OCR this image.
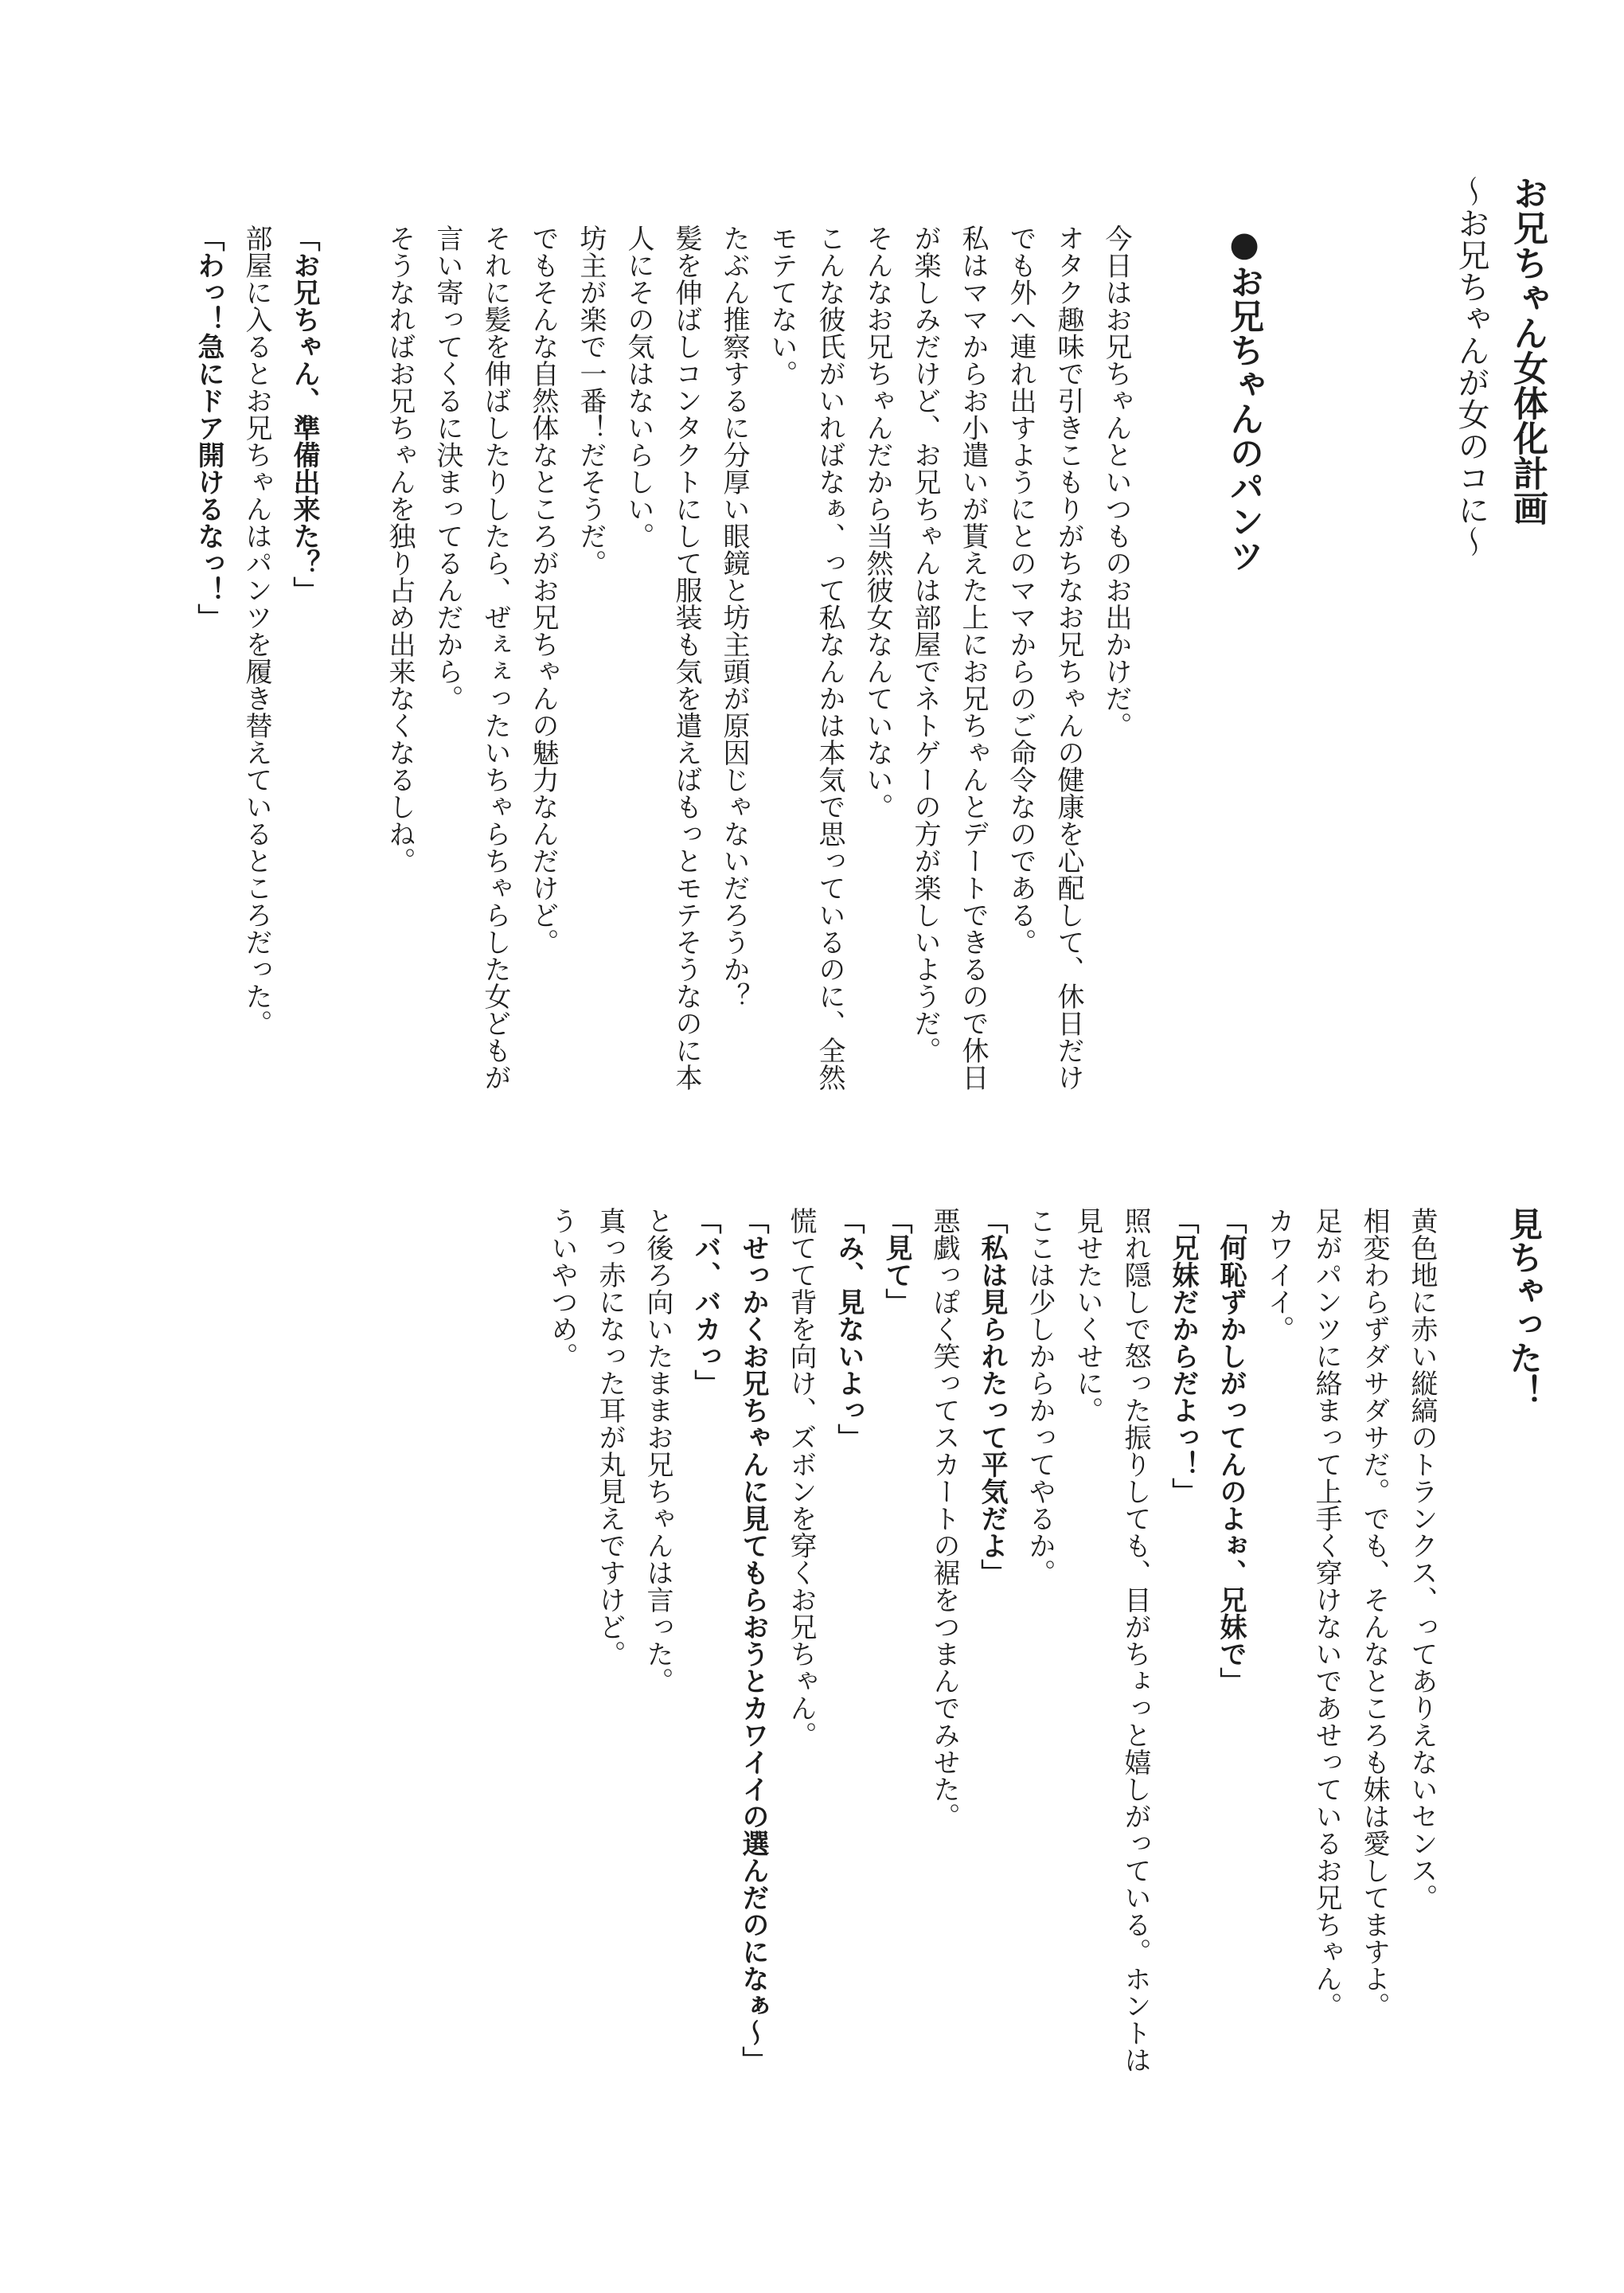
お兄ちゃん女体化計画
〜お兄ちゃんが女のコに〜
●お兄ちゃんのパンツ
今日はお兄ちゃんといつものお出かけだ。
オタク趣味で引きこもりがちなお兄ちゃんの健康を心配して、休日だけ
でも外へ連れ出すようにとのママからのご命令なのである。
私はママからお小遣いが貰えた上にお兄ちゃんとデートできるので休日
が楽しみだけど、お兄ちゃんは部屋でネトゲーの方が楽しいようだ。
そんなお兄ちゃんだから当然彼女なんていない。
こんな彼氏がいればなぁ、って私なんかは本気で思っているのに、全然
モテてない。
たぶん推察するに分厚い眼鏡と坊主頭が原因じゃないだろうか？
髪を伸ばしコンタクトにして服装も気を遣えばもっとモテそうなのに本
人にその気はないらしい。
坊主が楽で一番！だそうだ。
でもそんな自然体なところがお兄ちゃんの魅力なんだけど。
それに髪を伸ばしたりしたら、ぜぇぇったいちゃらちゃらした女どもが
言い寄ってくるに決まってるんだから。
そうなればお兄ちゃんを独り占め出来なくなるしね。
「お兄ちゃん、準備出来た？」
部屋に入るとお兄ちゃんはパンツを履き替えているところだった。
「わっ！急にドア開けるなっ！」
見ちゃった！
黄色地に赤い縦縞のトランクス、ってありえないセンス。
相変わらずダサダサだ。でも、そんなところも妹は愛してますよ。
足がパンツに絡まって上手く穿けないであせっているお兄ちゃん。
カワイイ。
「何恥ずかしがってんのよぉ、兄妹で」
「兄妹だからだよっ！」
照れ隠しで怒った振りしても、目がちょっと嬉しがっている。ホントは
見せたいくせに。
ここは少しからかってやるか。
「私は見られたって平気だよ」
悪戯っぽく笑ってスカートの裾をつまんでみせた。
「見て」
「み、見ないよっ」
慌てて背を向け、ズボンを穿くお兄ちゃん。
「せっかくお兄ちゃんに見てもらおうとカワイイの選んだのになぁ〜」
「バ、バカっ」
と後ろ向いたままお兄ちゃんは言った。
真っ赤になった耳が丸見えですけど。
ういやつめ。
